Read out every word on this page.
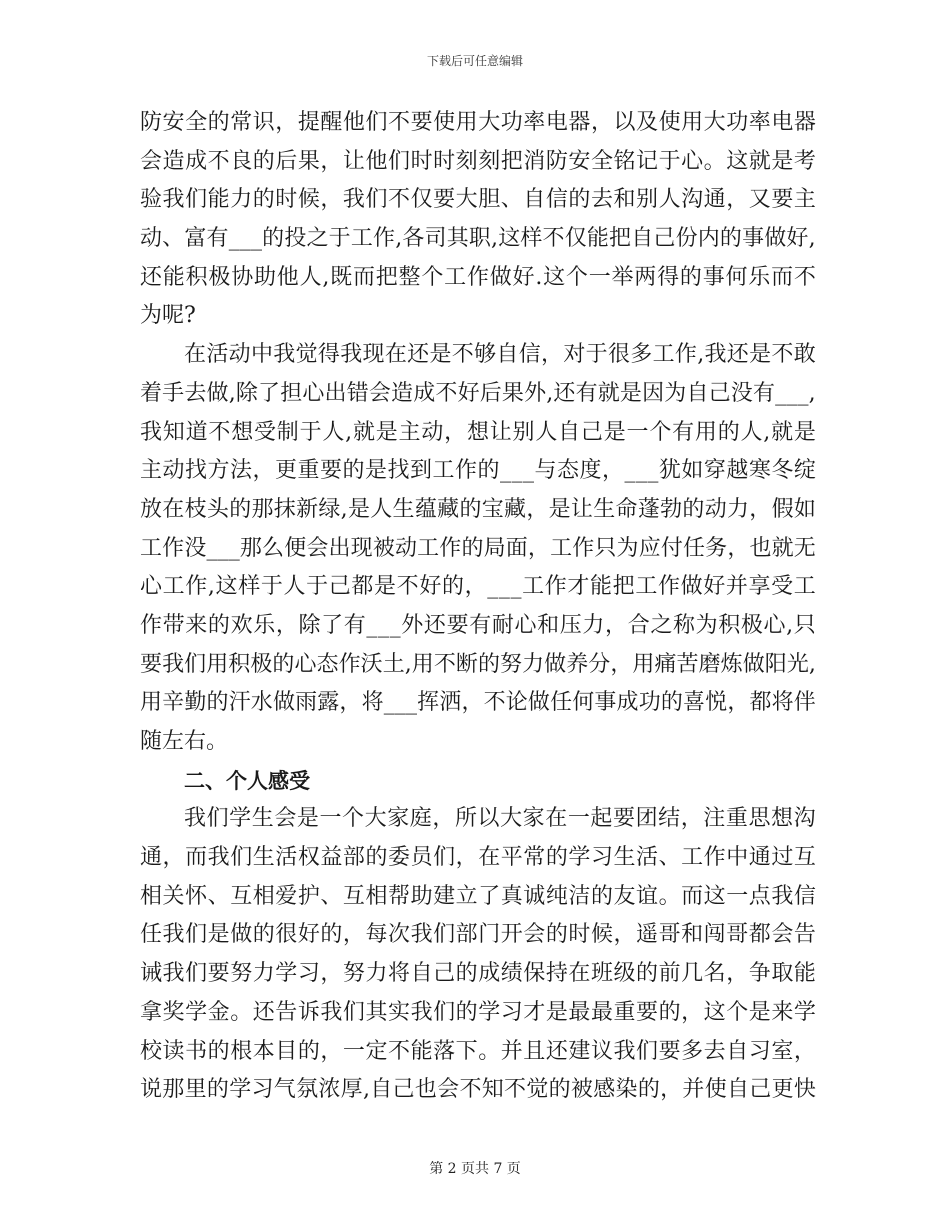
下载后可任意编辑
防 安 全 的 常 识 ， 提 醒 他 们 不 要 使 用 大 功 率 电 器 ， 以 及 使 用 大 功 率 电 器
会 造 成 不 良 的 后 果 ， 让 他 们 时 时 刻 刻 把 消 防 安 全 铭 记 于 心 。 这 就 是 考
验 我 们 能 力 的 时 候 ， 我 们 不 仅 要 大 胆 、 自 信 的 去 和 别 人 沟 通 ， 又 要 主
动 、 富 有 _ _ _ 的 投 之 于 工 作 , 各 司 其 职 , 这 样 不 仅 能 把 自 己 份 内 的 事 做 好 ,
还 能 积 极 协 助 他 人 , 既 而 把 整 个 工 作 做 好 . 这 个 一 举 两 得 的 事 何 乐 而 不
为呢?
在 活 动 中 我 觉 得 我 现 在 还 是 不 够 自 信 ， 对 于 很 多 工 作 , 我 还 是 不 敢
着 手 去 做 , 除 了 担 心 出 错 会 造 成 不 好 后 果 外 , 还 有 就 是 因 为 自 己 没 有 _ _ _ ,
我 知 道 不 想 受 制 于 人 , 就 是 主 动 ， 想 让 别 人 自 己 是 一 个 有 用 的 人 , 就 是
主 动 找 方 法 ， 更 重 要 的 是 找 到 工 作 的 _ _ _ 与 态 度 ， _ _ _ 犹 如 穿 越 寒 冬 绽
放 在 枝 头 的 那 抹 新 绿 , 是 人 生 蕴 藏 的 宝 藏 ， 是 让 生 命 蓬 勃 的 动 力 ， 假 如
工 作 没 _ _ _ 那 么 便 会 出 现 被 动 工 作 的 局 面 ， 工 作 只 为 应 付 任 务 ， 也 就 无
心 工 作 , 这 样 于 人 于 己 都 是 不 好 的 ， _ _ _ 工 作 才 能 把 工 作 做 好 并 享 受 工
作 带 来 的 欢 乐 ， 除 了 有 _ _ _ 外 还 要 有 耐 心 和 压 力 ， 合 之 称 为 积 极 心 , 只
要 我 们 用 积 极 的 心 态 作 沃 土 , 用 不 断 的 努 力 做 养 分 ， 用 痛 苦 磨 炼 做 阳 光 ,
用 辛 勤 的 汗 水 做 雨 露 ， 将 _ _ _ 挥 洒 ， 不 论 做 任 何 事 成 功 的 喜 悦 ， 都 将 伴
随左右。
二、个人感受
我 们 学 生 会 是 一 个 大 家 庭 ， 所 以 大 家 在 一 起 要 团 结 ， 注 重 思 想 沟
通 ， 而 我 们 生 活 权 益 部 的 委 员 们 ， 在 平 常 的 学 习 生 活 、 工 作 中 通 过 互
相 关 怀 、 互 相 爱 护 、 互 相 帮 助 建 立 了 真 诚 纯 洁 的 友 谊 。 而 这 一 点 我 信
任 我 们 是 做 的 很 好 的 ， 每 次 我 们 部 门 开 会 的 时 候 ， 遥 哥 和 闯 哥 都 会 告
诫 我 们 要 努 力 学 习 ， 努 力 将 自 己 的 成 绩 保 持 在 班 级 的 前 几 名 ， 争 取 能
拿 奖 学 金 。 还 告 诉 我 们 其 实 我 们 的 学 习 才 是 最 最 重 要 的 ， 这 个 是 来 学
校 读 书 的 根 本 目 的 ， 一 定 不 能 落 下 。 并 且 还 建 议 我 们 要 多 去 自 习 室 ，
说 那 里 的 学 习 气 氛 浓 厚 , 自 己 也 会 不 知 不 觉 的 被 感 染 的 ， 并 使 自 己 更 快
第 2 页共 7 页
